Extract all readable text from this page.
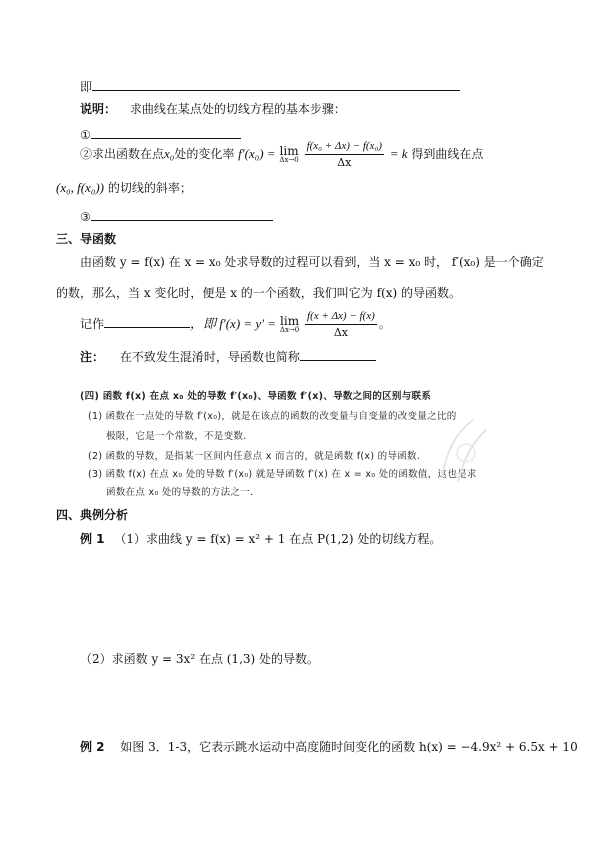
即
说明： 求曲线在某点处的切线方程的基本步骤：
①
②求出函数在点x₀处的变化率 f′(x₀) = lim
Δx→0
$\frac{\text{f(x₀ + Δx) − f(x₀)}}{\Delta x} = k$ 得到曲线在点
(x₀, f(x₀)) 的切线的斜率；
③
三、导函数
由函数 y = f(x) 在 x = x₀ 处求导数的过程可以看到，当 x = x₀ 时， f′(x₀) 是一个确定
的数，那么，当 x 变化时，便是 x 的一个函数，我们叫它为 f(x) 的导函数。
记作	，即 f′(x) = y′ = lim
Δx→0
$\frac{f(x + \Delta x) - f(x)}{\Delta x}$ 。
注： 在不致发生混淆时，导函数也简称
(四) 函数 f(x) 在点 x₀ 处的导数 f′(x₀)、导函数 f′(x)、导数之间的区别与联系
(1) 函数在一点处的导数 f′(x₀)，就是在该点的函数的改变量与自变量的改变量之比的
极限，它是一个常数，不是变数.
(2) 函数的导数，是指某一区间内任意点 x 而言的，就是函数 f(x) 的导函数.
(3) 函数 f(x) 在点 x₀ 处的导数 f′(x₀) 就是导函数 f′(x) 在 x = x₀ 处的函数值，这也是求
函数在点 x₀ 处的导数的方法之一.
四、典例分析
例 1 （1）求曲线 y = f(x) = x² + 1 在点 P(1,2) 处的切线方程。
（2）求函数 y = 3x² 在点 (1,3) 处的导数。
例 2 如图 3．1-3，它表示跳水运动中高度随时间变化的函数 h(x) = −4.9x² + 6.5x + 10
